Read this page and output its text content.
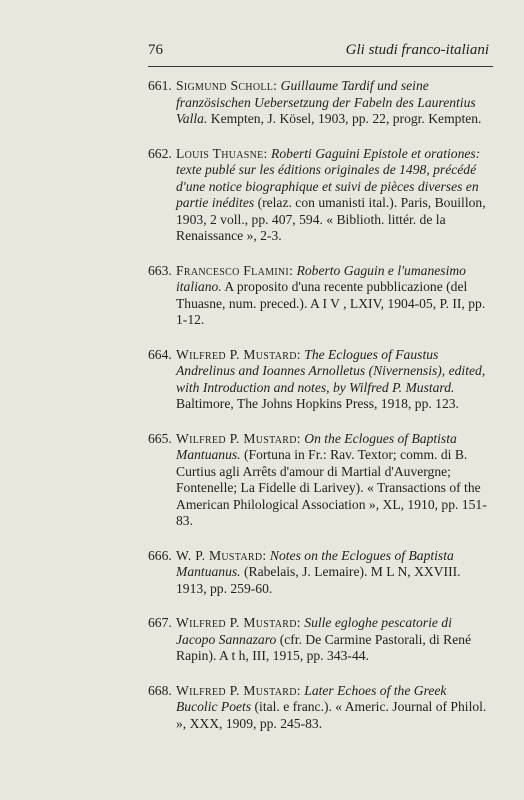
76	Gli studi franco-italiani
661. Sigmund Scholl: Guillaume Tardif und seine französischen Uebersetzung der Fabeln des Laurentius Valla. Kempten, J. Kösel, 1903, pp. 22, progr. Kempten.
662. Louis Thuasne: Roberti Gaguini Epistole et orationes: texte publé sur les éditions originales de 1498, précédé d'une notice biographique et suivi de pièces diverses en partie inédites (relaz. con umanisti ital.). Paris, Bouillon, 1903, 2 voll., pp. 407, 594. « Biblioth. littér. de la Renaissance », 2-3.
663. Francesco Flamini: Roberto Gaguin e l'umanesimo italiano. A proposito d'una recente pubblicazione (del Thuasne, num. preced.). A I V , LXIV, 1904-05, P. II, pp. 1-12.
664. Wilfred P. Mustard: The Eclogues of Faustus Andrelinus and Ioannes Arnolletus (Nivernensis), edited, with Introduction and notes, by Wilfred P. Mustard. Baltimore, The Johns Hopkins Press, 1918, pp. 123.
665. Wilfred P. Mustard: On the Eclogues of Baptista Mantuanus. (Fortuna in Fr.: Rav. Textor; comm. di B. Curtius agli Arrêts d'amour di Martial d'Auvergne; Fontenelle; La Fidelle di Larivey). « Transactions of the American Philological Association », XL, 1910, pp. 151-83.
666. W. P. Mustard: Notes on the Eclogues of Baptista Mantuanus. (Rabelais, J. Lemaire). M L N, XXVIII. 1913, pp. 259-60.
667. Wilfred P. Mustard: Sulle egloghe pescatorie di Jacopo Sannazaro (cfr. De Carmine Pastorali, di René Rapin). A t h, III, 1915, pp. 343-44.
668. Wilfred P. Mustard: Later Echoes of the Greek Bucolic Poets (ital. e franc.). « Americ. Journal of Philol. », XXX, 1909, pp. 245-83.
